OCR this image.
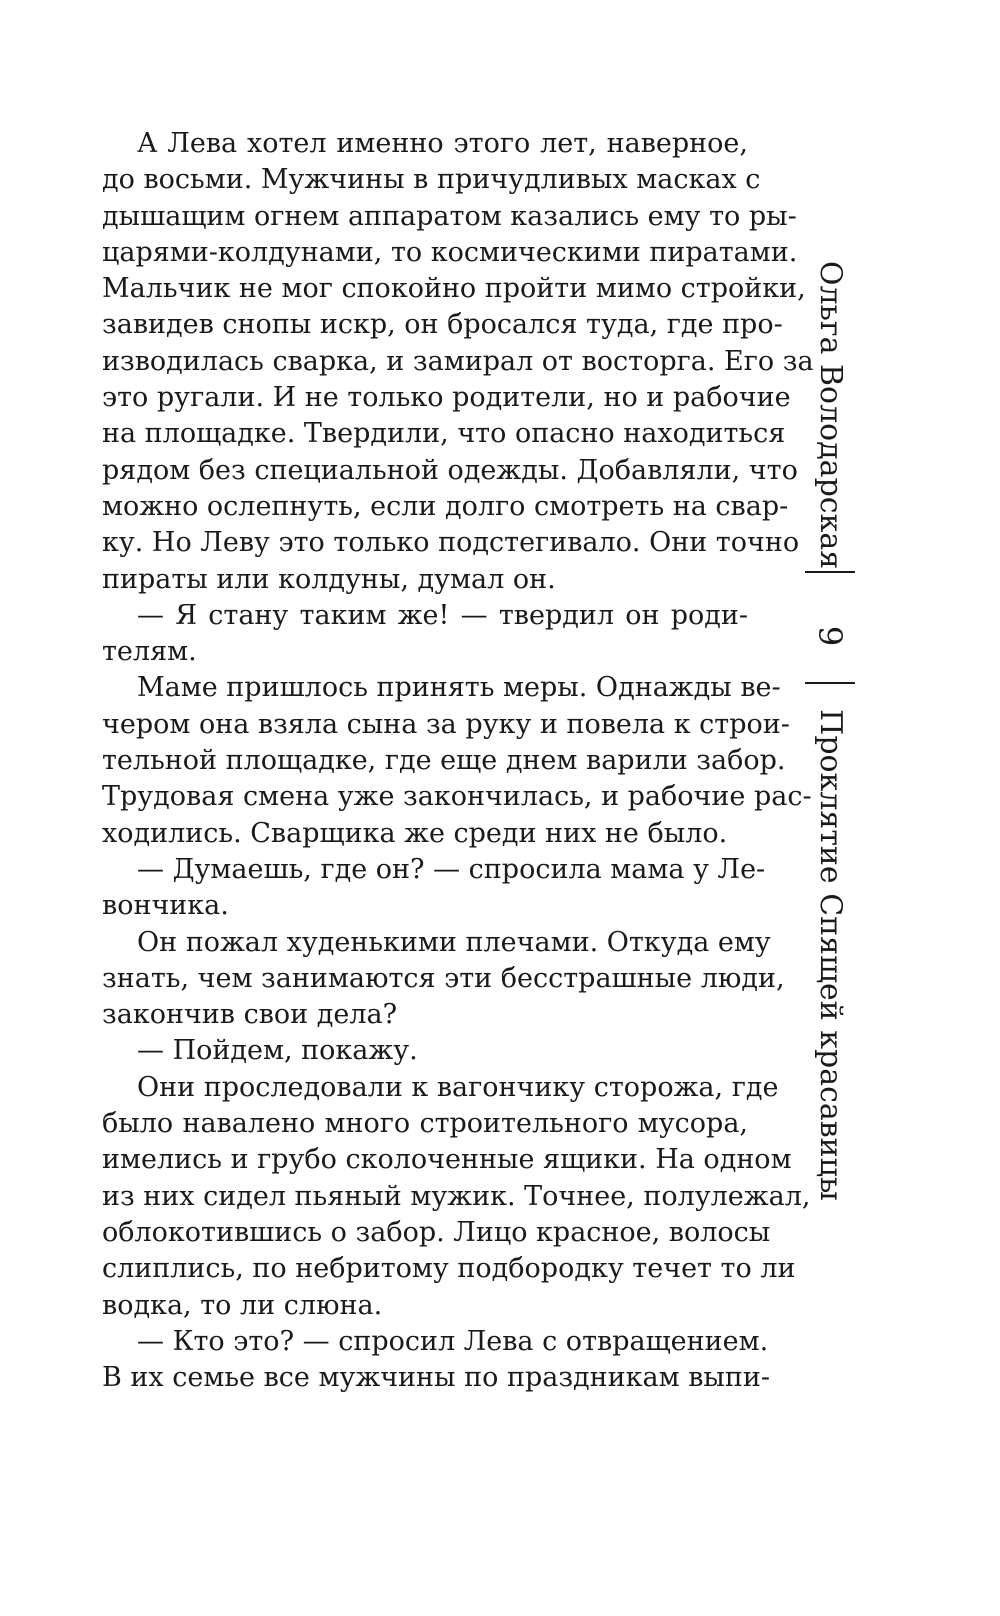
А Лева хотел именно этого лет, наверное,
до восьми. Мужчины в причудливых масках с
дышащим огнем аппаратом казались ему то ры-
царями-колдунами, то космическими пиратами.
Мальчик не мог спокойно пройти мимо стройки,
завидев снопы искр, он бросался туда, где про-
изводилась сварка, и замирал от восторга. Его за
это ругали. И не только родители, но и рабочие
на площадке. Твердили, что опасно находиться
рядом без специальной одежды. Добавляли, что
можно ослепнуть, если долго смотреть на свар-
ку. Но Леву это только подстегивало. Они точно
пираты или колдуны, думал он.
— Я стану таким же! — твердил он роди-
телям.
Маме пришлось принять меры. Однажды ве-
чером она взяла сына за руку и повела к строи-
тельной площадке, где еще днем варили забор.
Трудовая смена уже закончилась, и рабочие рас-
ходились. Сварщика же среди них не было.
— Думаешь, где он? — спросила мама у Ле-
вончика.
Он пожал худенькими плечами. Откуда ему
знать, чем занимаются эти бесстрашные люди,
закончив свои дела?
— Пойдем, покажу.
Они проследовали к вагончику сторожа, где
было навалено много строительного мусора,
имелись и грубо сколоченные ящики. На одном
из них сидел пьяный мужик. Точнее, полулежал,
облокотившись о забор. Лицо красное, волосы
слиплись, по небритому подбородку течет то ли
водка, то ли слюна.
— Кто это? — спросил Лева с отвращением.
В их семье все мужчины по праздникам выпи-
Ольга Володарская
9
Проклятие Спящей красавицы
